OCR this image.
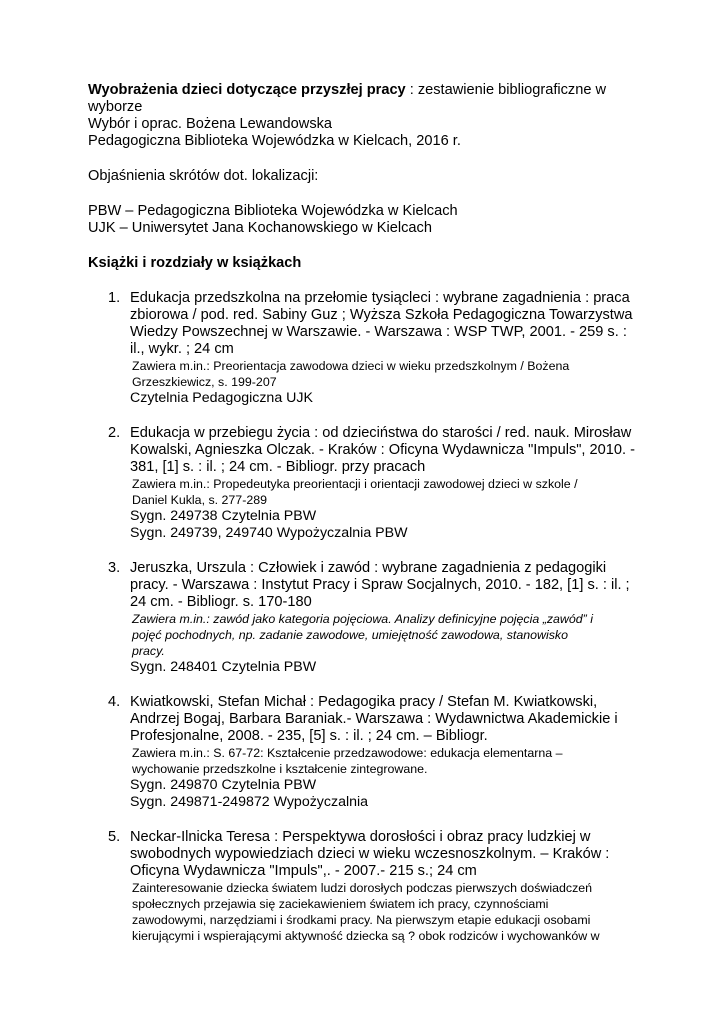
Wyobrażenia dzieci dotyczące przyszłej pracy : zestawienie bibliograficzne w
wyborze
Wybór i oprac. Bożena Lewandowska
Pedagogiczna Biblioteka Wojewódzka w Kielcach, 2016 r.
Objaśnienia skrótów dot. lokalizacji:
PBW – Pedagogiczna Biblioteka Wojewódzka w Kielcach
UJK – Uniwersytet Jana Kochanowskiego w Kielcach
Książki i rozdziały w książkach
1. Edukacja przedszkolna na przełomie tysiącleci : wybrane zagadnienia : praca
zbiorowa / pod. red. Sabiny Guz ; Wyższa Szkoła Pedagogiczna Towarzystwa
Wiedzy Powszechnej w Warszawie. - Warszawa : WSP TWP, 2001. - 259 s. :
il., wykr. ; 24 cm
Zawiera m.in.: Preorientacja zawodowa dzieci w wieku przedszkolnym / Bożena
Grzeszkiewicz, s. 199-207
Czytelnia Pedagogiczna UJK
2. Edukacja w przebiegu życia : od dzieciństwa do starości / red. nauk. Mirosław
Kowalski, Agnieszka Olczak. - Kraków : Oficyna Wydawnicza "Impuls", 2010. -
381, [1] s. : il. ; 24 cm. - Bibliogr. przy pracach
Zawiera m.in.: Propedeutyka preorientacji i orientacji zawodowej dzieci w szkole /
Daniel Kukla, s. 277-289
Sygn. 249738 Czytelnia PBW
Sygn. 249739, 249740 Wypożyczalnia PBW
3. Jeruszka, Urszula : Człowiek i zawód : wybrane zagadnienia z pedagogiki
pracy. - Warszawa : Instytut Pracy i Spraw Socjalnych, 2010. - 182, [1] s. : il. ;
24 cm. - Bibliogr. s. 170-180
Zawiera m.in.: zawód jako kategoria pojęciowa. Analizy definicyjne pojęcia „zawód” i
pojęć pochodnych, np. zadanie zawodowe, umiejętność zawodowa, stanowisko
pracy.
Sygn. 248401 Czytelnia PBW
4. Kwiatkowski, Stefan Michał : Pedagogika pracy / Stefan M. Kwiatkowski,
Andrzej Bogaj, Barbara Baraniak.- Warszawa : Wydawnictwa Akademickie i
Profesjonalne, 2008. - 235, [5] s. : il. ; 24 cm. – Bibliogr.
Zawiera m.in.: S. 67-72: Kształcenie przedzawodowe: edukacja elementarna –
wychowanie przedszkolne i kształcenie zintegrowane.
Sygn. 249870 Czytelnia PBW
Sygn. 249871-249872 Wypożyczalnia
5. Neckar-Ilnicka Teresa : Perspektywa dorosłości i obraz pracy ludzkiej w
swobodnych wypowiedziach dzieci w wieku wczesnoszkolnym. – Kraków :
Oficyna Wydawnicza "Impuls",. - 2007.- 215 s.; 24 cm
Zainteresowanie dziecka światem ludzi dorosłych podczas pierwszych doświadczeń
społecznych przejawia się zaciekawieniem światem ich pracy, czynnościami
zawodowymi, narzędziami i środkami pracy. Na pierwszym etapie edukacji osobami
kierującymi i wspierającymi aktywność dziecka są ? obok rodziców i wychowanków w
